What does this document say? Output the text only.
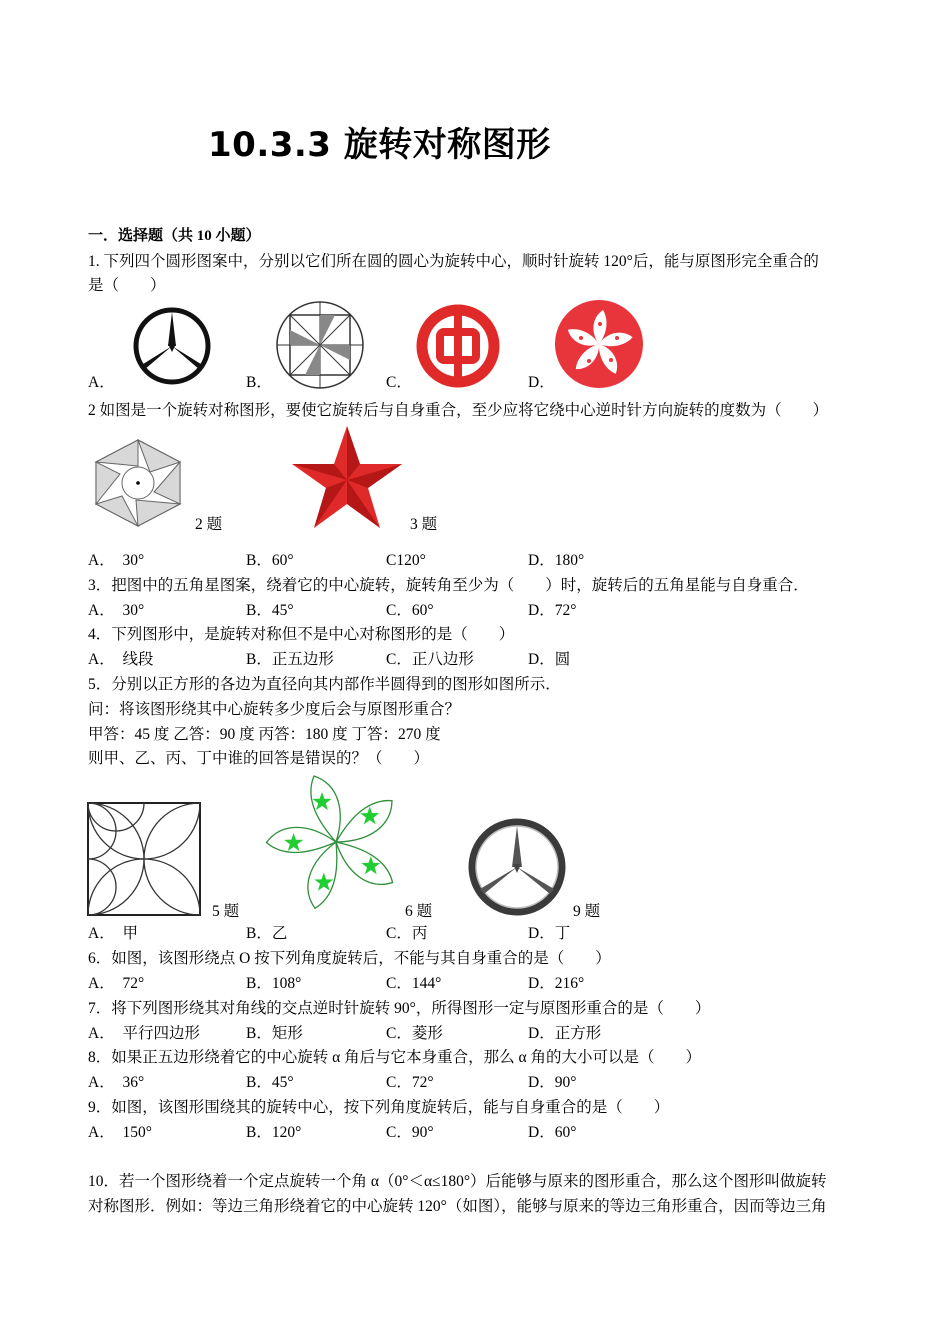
10.3.3 旋转对称图形
一．选择题（共 10 小题）
1. 下列四个圆形图案中，分别以它们所在圆的圆心为旋转中心，顺时针旋转 120°后，能与原图形完全重合的
是（　　）
A．	B．	C．	D．
2 如图是一个旋转对称图形，要使它旋转后与自身重合，至少应将它绕中心逆时针方向旋转的度数为（　　）
2 题	3 题
A．　30°	B．60°	C120°	D．180°
3．把图中的五角星图案，绕着它的中心旋转，旋转角至少为（　　）时，旋转后的五角星能与自身重合．
A．　30°	B．45°	C．60°	D．72°
4．下列图形中，是旋转对称但不是中心对称图形的是（　　）
A．　线段	B．正五边形	C．正八边形	D．圆
5．分别以正方形的各边为直径向其内部作半圆得到的图形如图所示．
问：将该图形绕其中心旋转多少度后会与原图形重合？
甲答：45 度 乙答：90 度 丙答：180 度 丁答：270 度
则甲、乙、丙、丁中谁的回答是错误的？（　　）
5 题	6 题	9 题
A．　甲	B．乙	C．丙	D．丁
6．如图，该图形绕点 O 按下列角度旋转后，不能与其自身重合的是（　　）
A．　72°	B．108°	C．144°	D．216°
7．将下列图形绕其对角线的交点逆时针旋转 90°，所得图形一定与原图形重合的是（　　）
A．　平行四边形	B．矩形	C．菱形	D．正方形
8．如果正五边形绕着它的中心旋转 α 角后与它本身重合，那么 α 角的大小可以是（　　）
A．　36°	B．45°	C．72°	D．90°
9．如图，该图形围绕其的旋转中心，按下列角度旋转后，能与自身重合的是（　　）
A．　150°	B．120°	C．90°	D．60°
10．若一个图形绕着一个定点旋转一个角 α（0°＜α≤180°）后能够与原来的图形重合，那么这个图形叫做旋转
对称图形．例如：等边三角形绕着它的中心旋转 120°（如图），能够与原来的等边三角形重合，因而等边三角
